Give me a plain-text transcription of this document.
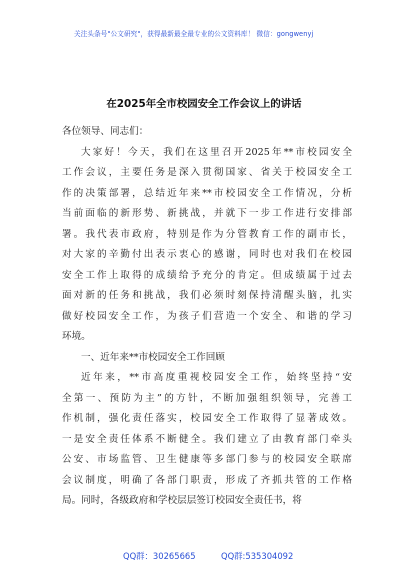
关注头条号"公文研究"，获得最新最全最专业的公文资料库！ 微信：gongwenyj
在2025年全市校园安全工作会议上的讲话
各位领导、同志们：
大家好！今天，我们在这里召开2025年**市校园安全
工作会议，主要任务是深入贯彻国家、省关于校园安全工
作的决策部署，总结近年来**市校园安全工作情况，分析
当前面临的新形势、新挑战，并就下一步工作进行安排部
署。我代表市政府，特别是作为分管教育工作的副市长，
对大家的辛勤付出表示衷心的感谢，同时也对我们在校园
安全工作上取得的成绩给予充分的肯定。但成绩属于过去
面对新的任务和挑战，我们必须时刻保持清醒头脑，扎实
做好校园安全工作，为孩子们营造一个安全、和谐的学习
环境。
一、近年来**市校园安全工作回顾
近年来，**市高度重视校园安全工作，始终坚持“安
全第一、预防为主”的方针，不断加强组织领导，完善工
作机制，强化责任落实，校园安全工作取得了显著成效。
一是安全责任体系不断健全。我们建立了由教育部门牵头
公安、市场监管、卫生健康等多部门参与的校园安全联席
会议制度，明确了各部门职责，形成了齐抓共管的工作格
局。同时，各级政府和学校层层签订校园安全责任书，将
QQ群：30265665	QQ群:535304092
